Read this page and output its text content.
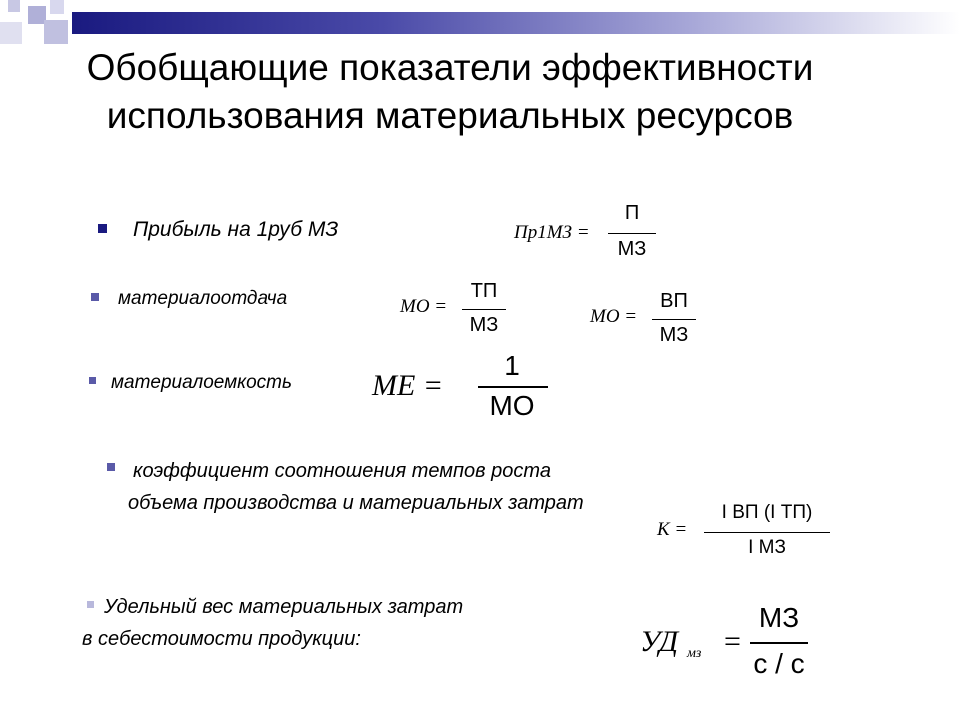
Обобщающие показатели эффективности
использования материальных ресурсов
Прибыль на 1руб МЗ	Пр1МЗ =
П
МЗ
материалоотдача	МО =
ТП
МЗ	МО =
ВП
МЗ
материалоемкость	ME =
1
MO
коэффициент соотношения темпов роста
объема производства и материальных затрат
К =
I ВП (I ТП)
I МЗ
Удельный вес материальных затрат
в себестоимости продукции:	УД мз =
МЗ
с / с
